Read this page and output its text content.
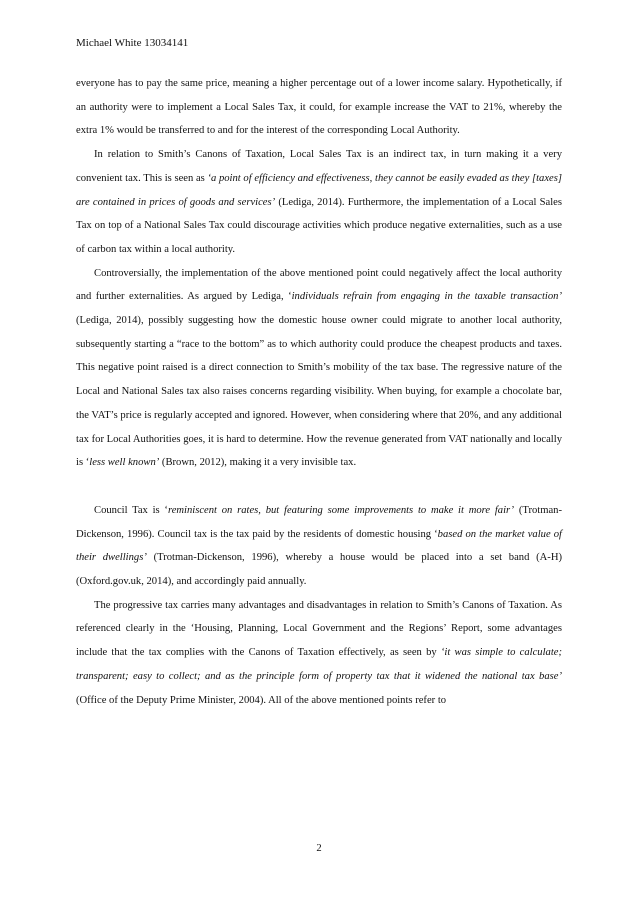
Michael White 13034141

everyone has to pay the same price, meaning a higher percentage out of a lower income salary. Hypothetically, if an authority were to implement a Local Sales Tax, it could, for example increase the VAT to 21%, whereby the extra 1% would be transferred to and for the interest of the corresponding Local Authority.

In relation to Smith’s Canons of Taxation, Local Sales Tax is an indirect tax, in turn making it a very convenient tax. This is seen as ‘a point of efficiency and effectiveness, they cannot be easily evaded as they [taxes] are contained in prices of goods and services’ (Lediga, 2014). Furthermore, the implementation of a Local Sales Tax on top of a National Sales Tax could discourage activities which produce negative externalities, such as a use of carbon tax within a local authority.

Controversially, the implementation of the above mentioned point could negatively affect the local authority and further externalities. As argued by Lediga, ‘individuals refrain from engaging in the taxable transaction’ (Lediga, 2014), possibly suggesting how the domestic house owner could migrate to another local authority, subsequently starting a “race to the bottom” as to which authority could produce the cheapest products and taxes. This negative point raised is a direct connection to Smith’s mobility of the tax base. The regressive nature of the Local and National Sales tax also raises concerns regarding visibility. When buying, for example a chocolate bar, the VAT’s price is regularly accepted and ignored. However, when considering where that 20%, and any additional tax for Local Authorities goes, it is hard to determine. How the revenue generated from VAT nationally and locally is ‘less well known’ (Brown, 2012), making it a very invisible tax.

Council Tax is ‘reminiscent on rates, but featuring some improvements to make it more fair’ (Trotman-Dickenson, 1996). Council tax is the tax paid by the residents of domestic housing ‘based on the market value of their dwellings’ (Trotman-Dickenson, 1996), whereby a house would be placed into a set band (A-H) (Oxford.gov.uk, 2014), and accordingly paid annually.

The progressive tax carries many advantages and disadvantages in relation to Smith’s Canons of Taxation. As referenced clearly in the ‘Housing, Planning, Local Government and the Regions’ Report, some advantages include that the tax complies with the Canons of Taxation effectively, as seen by ‘it was simple to calculate; transparent; easy to collect; and as the principle form of property tax that it widened the national tax base’ (Office of the Deputy Prime Minister, 2004). All of the above mentioned points refer to

2
